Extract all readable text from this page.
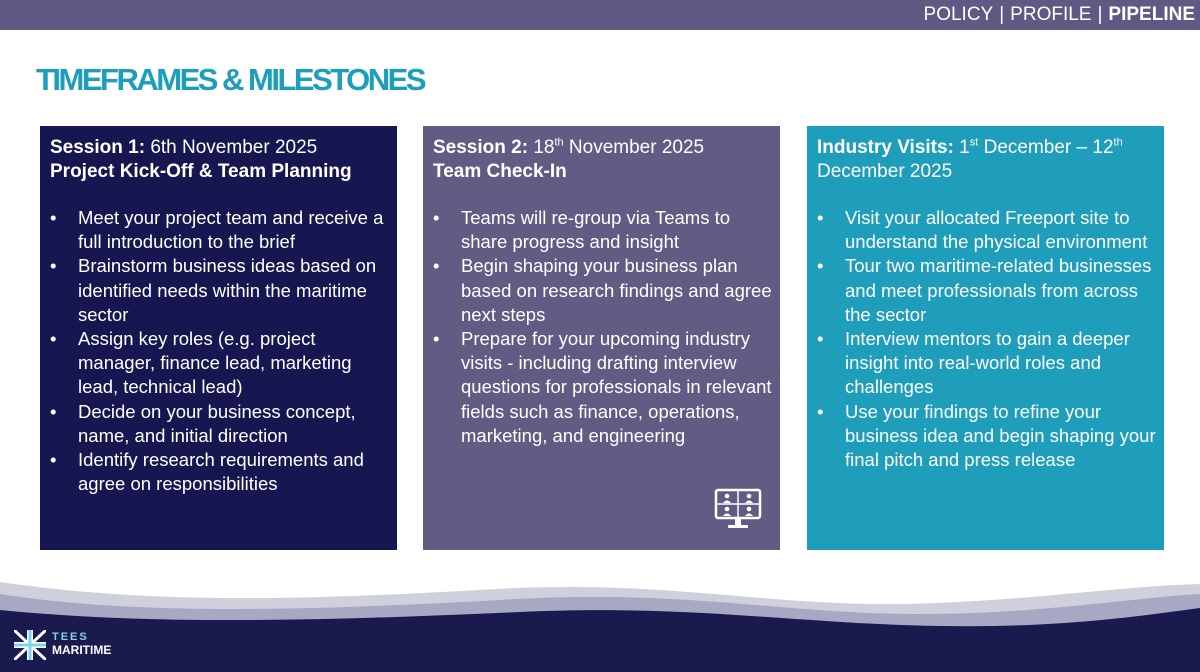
POLICY | PROFILE | PIPELINE
TIMEFRAMES & MILESTONES
Session 1: 6th November 2025
Project Kick-Off & Team Planning
• Meet your project team and receive a full introduction to the brief
• Brainstorm business ideas based on identified needs within the maritime sector
• Assign key roles (e.g. project manager, finance lead, marketing lead, technical lead)
• Decide on your business concept, name, and initial direction
• Identify research requirements and agree on responsibilities
Session 2: 18th November 2025
Team Check-In
• Teams will re-group via Teams to share progress and insight
• Begin shaping your business plan based on research findings and agree next steps
• Prepare for your upcoming industry visits - including drafting interview questions for professionals in relevant fields such as finance, operations, marketing, and engineering
Industry Visits: 1st December – 12th December 2025
• Visit your allocated Freeport site to understand the physical environment
• Tour two maritime-related businesses and meet professionals from across the sector
• Interview mentors to gain a deeper insight into real-world roles and challenges
• Use your findings to refine your business idea and begin shaping your final pitch and press release
TEES
MARITIME
